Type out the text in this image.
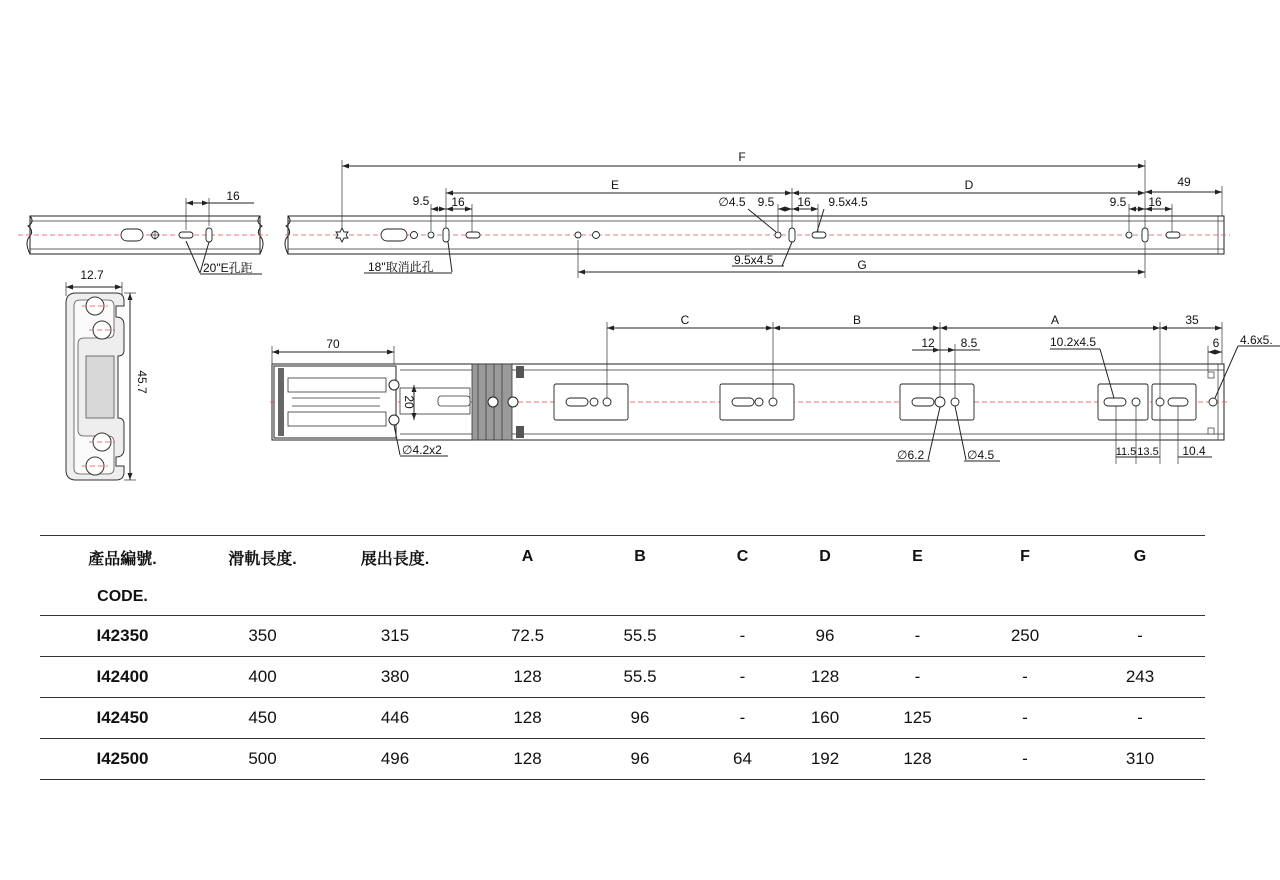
16
20"E孔距
12.7
45.7
F
E	D	49
9.5 16	∅4.5 9.5 16 9.5x4.5	9.5 16
18"取消此孔	9.5x4.5	G
70
20
∅4.2x2
C	B	A	35
12 8.5	10.2x4.5	6 4.6x5.
∅6.2	∅4.5	11.5 13.5 10.4
產品編號.	滑軌長度.	展出長度.	A	B	C	D	E	F	G
CODE.									
I42350	350	315	72.5	55.5	-	96	-	250	-
I42400	400	380	128	55.5	-	128	-	-	243
I42450	450	446	128	96	-	160	125	-	-
I42500	500	496	128	96	64	192	128	-	310
